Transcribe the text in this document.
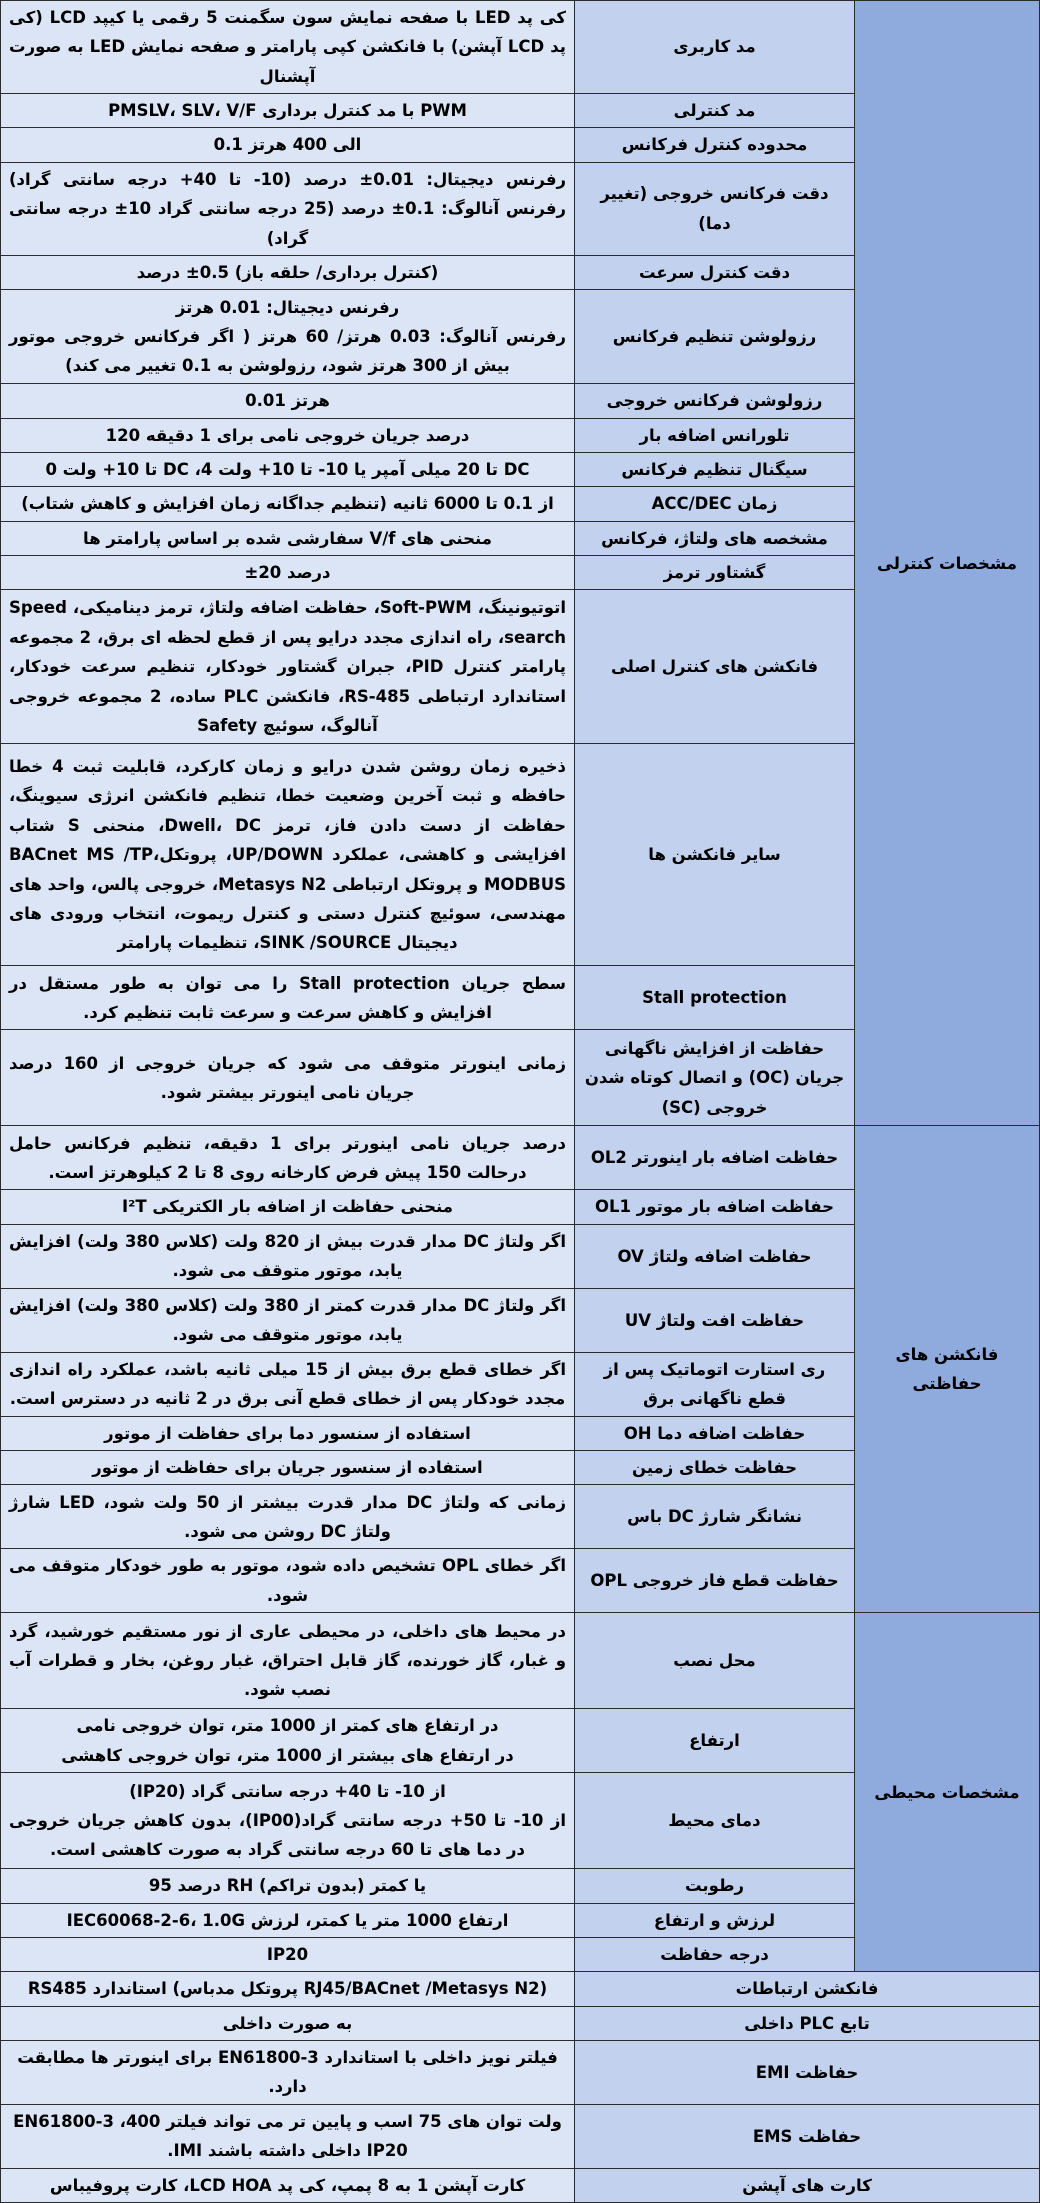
مشخصات کنترلی	مد کاربری	کی پد LED با صفحه نمایش سون سگمنت 5 رقمی یا کیپد LCD (کی پد LCD آپشن) با فانکشن کپی پارامتر و صفحه نمایش LED به صورت آپشنال
	مد کنترلی	PWM با مد کنترل برداری PMSLV، SLV، V/F
	محدوده کنترل فرکانس	الی 400 هرتز 0.1
	دقت فرکانس خروجی (تغییر دما)	رفرنس دیجیتال: 0.01± درصد (10- تا 40+ درجه سانتی گراد) رفرنس آنالوگ: 0.1± درصد (25 درجه سانتی گراد 10± درجه سانتی گراد)
	دقت کنترل سرعت	(کنترل برداری/ حلقه باز) 0.5± درصد
	رزولوشن تنظیم فرکانس	رفرنس دیجیتال: 0.01 هرتز
رفرنس آنالوگ: 0.03 هرتز/ 60 هرتز ( اگر فرکانس خروجی موتور بیش از 300 هرتز شود، رزولوشن به 0.1 تغییر می کند)

	رزولوشن فرکانس خروجی	هرتز 0.01
	تلورانس اضافه بار	درصد جریان خروجی نامی برای 1 دقیقه 120
	سیگنال تنظیم فرکانس	DC تا 20 میلی آمپر یا 10- تا 10+ ولت 4، DC تا 10+ ولت 0
	زمان ACC/DEC	از 0.1 تا 6000 ثانیه (تنظیم جداگانه زمان افزایش و کاهش شتاب)
	مشخصه های ولتاژ، فرکانس	منحنی های V/f سفارشی شده بر اساس پارامتر ها
	گشتاور ترمز	درصد 20±
	فانکشن های کنترل اصلی	اتوتیونینگ، Soft-PWM، حفاظت اضافه ولتاژ، ترمز دینامیکی، Speed search، راه اندازی مجدد درایو پس از قطع لحظه ای برق، 2 مجموعه پارامتر کنترل PID، جبران گشتاور خودکار، تنظیم سرعت خودکار، استاندارد ارتباطی RS-485، فانکشن PLC ساده، 2 مجموعه خروجی آنالوگ، سوئیچ Safety
	سایر فانکشن ها	ذخیره زمان روشن شدن درایو و زمان کارکرد، قابلیت ثبت 4 خطا حافظه و ثبت آخرین وضعیت خطا، تنظیم فانکشن انرژی سیوینگ، حفاظت از دست دادن فاز، ترمز Dwell، DC، منحنی S شتاب افزایشی و کاهشی، عملکرد UP/DOWN، پروتکلBACnet MS /TP، MODBUS و پروتکل ارتباطی Metasys N2، خروجی پالس، واحد های مهندسی، سوئیچ کنترل دستی و کنترل ریموت، انتخاب ورودی های دیجیتال SINK /SOURCE، تنظیمات پارامتر
	Stall protection	سطح جریان Stall protection را می توان به طور مستقل در افزایش و کاهش سرعت و سرعت ثابت تنظیم کرد.
	حفاظت از افزایش ناگهانی جریان (OC) و اتصال کوتاه شدن خروجی (SC)	زمانی اینورتر متوقف می شود که جریان خروجی از 160 درصد جریان نامی اینورتر بیشتر شود.
فانکشن های حفاظتی	حفاظت اضافه بار اینورتر OL2	درصد جریان نامی اینورتر برای 1 دقیقه، تنظیم فرکانس حامل درحالت 150 پیش فرض کارخانه روی 8 تا 2 کیلوهرتز است.
	حفاظت اضافه بار موتور OL1	منحنی حفاظت از اضافه بار الکتریکی I²T
	حفاظت اضافه ولتاژ OV	اگر ولتاژ DC مدار قدرت بیش از 820 ولت (کلاس 380 ولت) افزایش یابد، موتور متوقف می شود.
	حفاظت افت ولتاژ UV	اگر ولتاژ DC مدار قدرت کمتر از 380 ولت (کلاس 380 ولت) افزایش یابد، موتور متوقف می شود.
	ری استارت اتوماتیک پس از قطع ناگهانی برق	اگر خطای قطع برق بیش از 15 میلی ثانیه باشد، عملکرد راه اندازی مجدد خودکار پس از خطای قطع آنی برق در 2 ثانیه در دسترس است.
	حفاظت اضافه دما OH	استفاده از سنسور دما برای حفاظت از موتور
	حفاظت خطای زمین	استفاده از سنسور جریان برای حفاظت از موتور
	نشانگر شارژ DC باس	زمانی که ولتاژ DC مدار قدرت بیشتر از 50 ولت شود، LED شارژ ولتاژ DC روشن می شود.
	حفاظت قطع فاز خروجی OPL	اگر خطای OPL تشخیص داده شود، موتور به طور خودکار متوقف می شود.
مشخصات محیطی	محل نصب	در محیط های داخلی، در محیطی عاری از نور مستقیم خورشید، گرد و غبار، گاز خورنده، گاز قابل احتراق، غبار روغن، بخار و قطرات آب نصب شود.
	ارتفاع	در ارتفاع های کمتر از 1000 متر، توان خروجی نامی
در ارتفاع های بیشتر از 1000 متر، توان خروجی کاهشی

	دمای محیط	از 10- تا 40+ درجه سانتی گراد (IP20)
از 10- تا 50+ درجه سانتی گراد(IP00)، بدون کاهش جریان خروجی در دما های تا 60 درجه سانتی گراد به صورت کاهشی است.

	رطوبت	یا کمتر (بدون تراکم) RH درصد 95
	لرزش و ارتفاع	ارتفاع 1000 متر یا کمتر، لرزش IEC60068-2-6، 1.0G
	درجه حفاظت	IP20
فانکشن ارتباطات		(RJ45/BACnet /Metasys N2 پروتکل مدباس) استاندارد RS485
تابع PLC داخلی		به صورت داخلی
حفاظت EMI		فیلتر نویز داخلی با استاندارد EN61800-3 برای اینورتر ها مطابقت دارد.
حفاظت EMS		ولت توان های 75 اسب و پایین تر می تواند فیلتر 400، EN61800-3 IP20 داخلی داشته باشند IMI.
کارت های آپشن		کارت آپشن 1 به 8 پمپ، کی پد LCD HOA، کارت پروفیباس
